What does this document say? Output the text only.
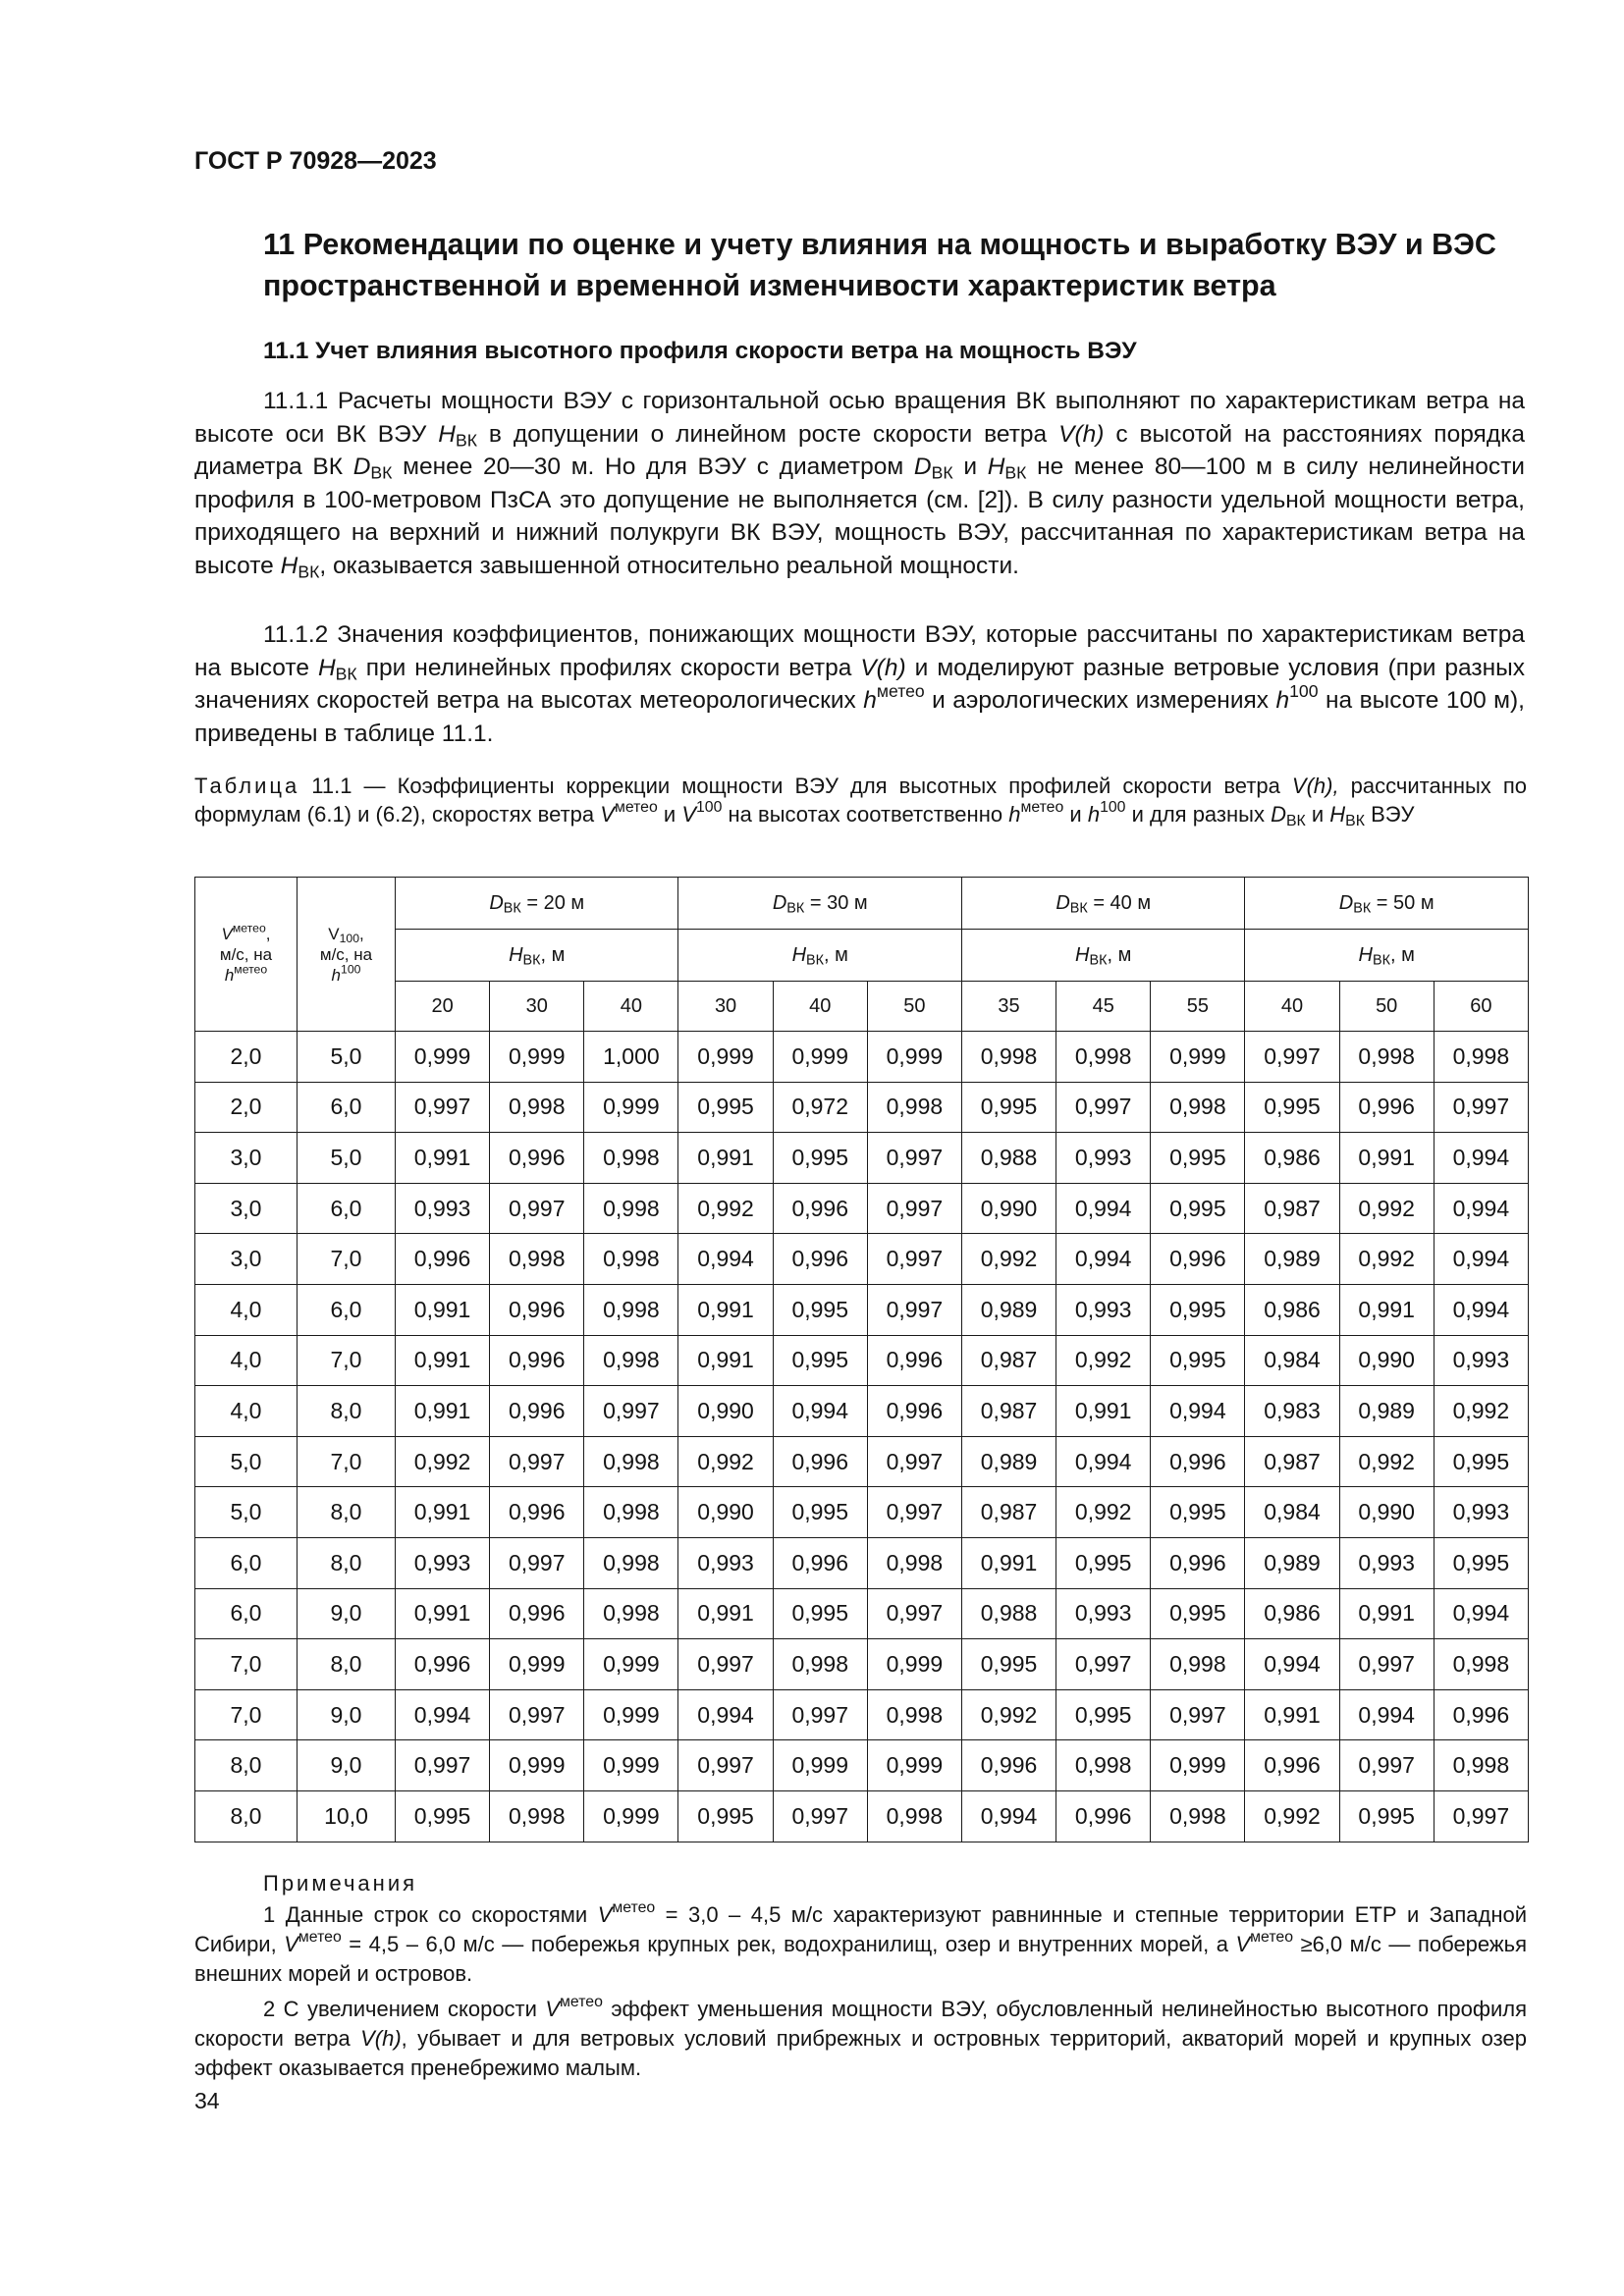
ГОСТ Р 70928—2023
11 Рекомендации по оценке и учету влияния на мощность и выработку ВЭУ и ВЭС пространственной и временной изменчивости характеристик ветра
11.1 Учет влияния высотного профиля скорости ветра на мощность ВЭУ

11.1.1 Расчеты мощности ВЭУ с горизонтальной осью вращения ВК выполняют по характеристикам ветра на высоте оси ВК ВЭУ $H_{ВК}$ в допущении о линейном росте скорости ветра V(h) с высотой на расстояниях порядка диаметра ВК $D_{ВК}$ менее 20—30 м. Но для ВЭУ с диаметром $D_{ВК}$ и $H_{ВК}$ не менее 80—100 м в силу нелинейности профиля в 100-метровом ПзСА это допущение не выполняется (см. [2]). В силу разности удельной мощности ветра, приходящего на верхний и нижний полукруги ВК ВЭУ, мощность ВЭУ, рассчитанная по характеристикам ветра на высоте $H_{ВК}$, оказывается завышенной относительно реальной мощности.

11.1.2 Значения коэффициентов, понижающих мощности ВЭУ, которые рассчитаны по характеристикам ветра на высоте $H_{ВК}$ при нелинейных профилях скорости ветра V(h) и моделируют разные ветровые условия (при разных значениях скоростей ветра на высотах метеорологических $h^{метео}$ и аэрологических измерениях $h^{100}$ на высоте 100 м), приведены в таблице 11.1.

Таблица 11.1 — Коэффициенты коррекции мощности ВЭУ для высотных профилей скорости ветра V(h), рассчитанных по формулам (6.1) и (6.2), скоростях ветра $V^{метео}$ и $V^{100}$ на высотах соответственно $h^{метео}$ и $h^{100}$ и для разных $D_{ВК}$ и $H_{ВК}$ ВЭУ

$V^{метео}$,
м/с, на
$h^{метео}$	$V_{100}$,
м/с, на
$h^{100}$	$D_{ВК} = 20$ м			$D_{ВК} = 30$ м			$D_{ВК} = 40$ м			$D_{ВК} = 50$ м		
		$H_{ВК}$, м			$H_{ВК}$, м			$H_{ВК}$, м			$H_{ВК}$, м		
		20	30	40	30	40	50	35	45	55	40	50	60
2,0	5,0	0,999	0,999	1,000	0,999	0,999	0,999	0,998	0,998	0,999	0,997	0,998	0,998
2,0	6,0	0,997	0,998	0,999	0,995	0,972	0,998	0,995	0,997	0,998	0,995	0,996	0,997
3,0	5,0	0,991	0,996	0,998	0,991	0,995	0,997	0,988	0,993	0,995	0,986	0,991	0,994
3,0	6,0	0,993	0,997	0,998	0,992	0,996	0,997	0,990	0,994	0,995	0,987	0,992	0,994
3,0	7,0	0,996	0,998	0,998	0,994	0,996	0,997	0,992	0,994	0,996	0,989	0,992	0,994
4,0	6,0	0,991	0,996	0,998	0,991	0,995	0,997	0,989	0,993	0,995	0,986	0,991	0,994
4,0	7,0	0,991	0,996	0,998	0,991	0,995	0,996	0,987	0,992	0,995	0,984	0,990	0,993
4,0	8,0	0,991	0,996	0,997	0,990	0,994	0,996	0,987	0,991	0,994	0,983	0,989	0,992
5,0	7,0	0,992	0,997	0,998	0,992	0,996	0,997	0,989	0,994	0,996	0,987	0,992	0,995
5,0	8,0	0,991	0,996	0,998	0,990	0,995	0,997	0,987	0,992	0,995	0,984	0,990	0,993
6,0	8,0	0,993	0,997	0,998	0,993	0,996	0,998	0,991	0,995	0,996	0,989	0,993	0,995
6,0	9,0	0,991	0,996	0,998	0,991	0,995	0,997	0,988	0,993	0,995	0,986	0,991	0,994
7,0	8,0	0,996	0,999	0,999	0,997	0,998	0,999	0,995	0,997	0,998	0,994	0,997	0,998
7,0	9,0	0,994	0,997	0,999	0,994	0,997	0,998	0,992	0,995	0,997	0,991	0,994	0,996
8,0	9,0	0,997	0,999	0,999	0,997	0,999	0,999	0,996	0,998	0,999	0,996	0,997	0,998
8,0	10,0	0,995	0,998	0,999	0,995	0,997	0,998	0,994	0,996	0,998	0,992	0,995	0,997

Примечания

1 Данные строк со скоростями $V^{метео} = 3,0 - 4,5$ м/с характеризуют равнинные и степные территории ЕТР и Западной Сибири, $V^{метео} = 4,5 - 6,0$ м/с — побережья крупных рек, водохранилищ, озер и внутренних морей, а $V^{метео} \ge 6,0$ м/с — побережья внешних морей и островов.

2 С увеличением скорости $V^{метео}$ эффект уменьшения мощности ВЭУ, обусловленный нелинейностью высотного профиля скорости ветра V(h), убывает и для ветровых условий прибрежных и островных территорий, акваторий морей и крупных озер эффект оказывается пренебрежимо малым.

34
